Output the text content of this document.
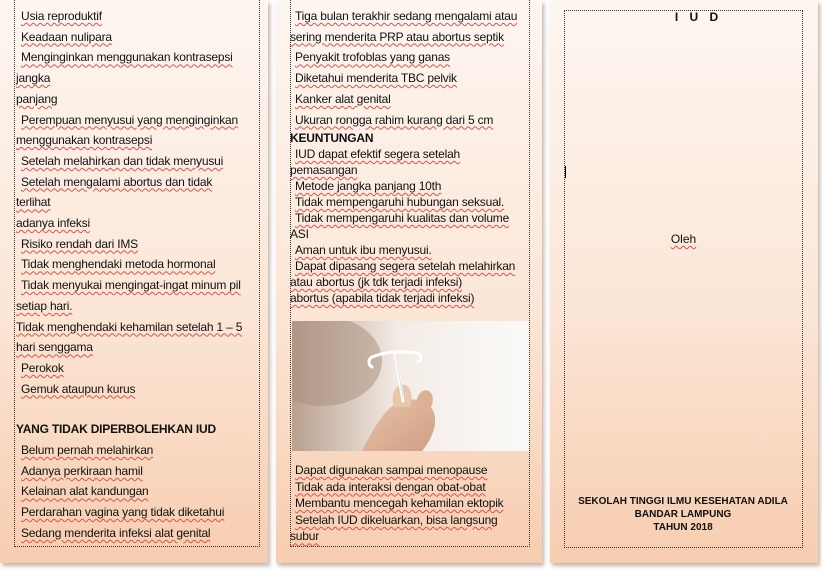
Usia reproduktif
Keadaan nulipara
Menginginkan menggunakan kontrasepsi
jangka
panjang
Perempuan menyusui yang menginginkan
menggunakan kontrasepsi
Setelah melahirkan dan tidak menyusui
Setelah mengalami abortus dan tidak
terlihat
adanya infeksi
Risiko rendah dari IMS
Tidak menghendaki metoda hormonal
Tidak menyukai mengingat-ingat minum pil
setiap hari.
Tidak menghendaki kehamilan setelah 1 – 5
hari senggama
Perokok
Gemuk ataupun kurus
YANG TIDAK DIPERBOLEHKAN IUD
Belum pernah melahirkan
Adanya perkiraan hamil
Kelainan alat kandungan
Perdarahan vagina yang tidak diketahui
Sedang menderita infeksi alat genital
Tiga bulan terakhir sedang mengalami atau
sering menderita PRP atau abortus septik
Penyakit trofoblas yang ganas
Diketahui menderita TBC pelvik
Kanker alat genital
Ukuran rongga rahim kurang dari 5 cm
KEUNTUNGAN
IUD dapat efektif segera setelah
pemasangan
Metode jangka panjang 10th
Tidak mempengaruhi hubungan seksual.
Tidak mempengaruhi kualitas dan volume
ASI
Aman untuk ibu menyusui.
Dapat dipasang segera setelah melahirkan
atau abortus (jk tdk terjadi infeksi)
abortus (apabila tidak terjadi infeksi)
Dapat digunakan sampai menopause
Tidak ada interaksi dengan obat-obat
Membantu mencegah kehamilan ektopik
Setelah IUD dikeluarkan, bisa langsung
subur
I U D
Oleh
SEKOLAH TINGGI ILMU KESEHATAN ADILA
BANDAR LAMPUNG
TAHUN 2018
